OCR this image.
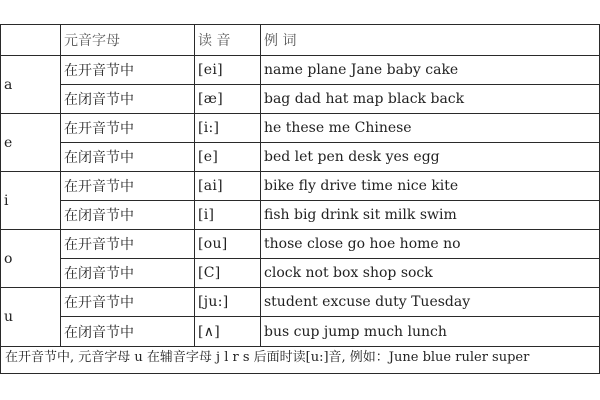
	元音字母	读 音	例 词
a	在开音节中	[ei]	name plane Jane baby cake
	在闭音节中	[æ]	bag dad hat map black back
e	在开音节中	[i:]	he these me Chinese
	在闭音节中	[e]	bed let pen desk yes egg
i	在开音节中	[ai]	bike fly drive time nice kite
	在闭音节中	[i]	fish big drink sit milk swim
o	在开音节中	[ou]	those close go hoe home no
	在闭音节中	[C]	clock not box shop sock
u	在开音节中	[ju:]	student excuse duty Tuesday
	在闭音节中	[∧]	bus cup jump much lunch
在开音节中, 元音字母 u 在辅音字母 j l r s 后面时读[u:]音, 例如：June blue ruler super
